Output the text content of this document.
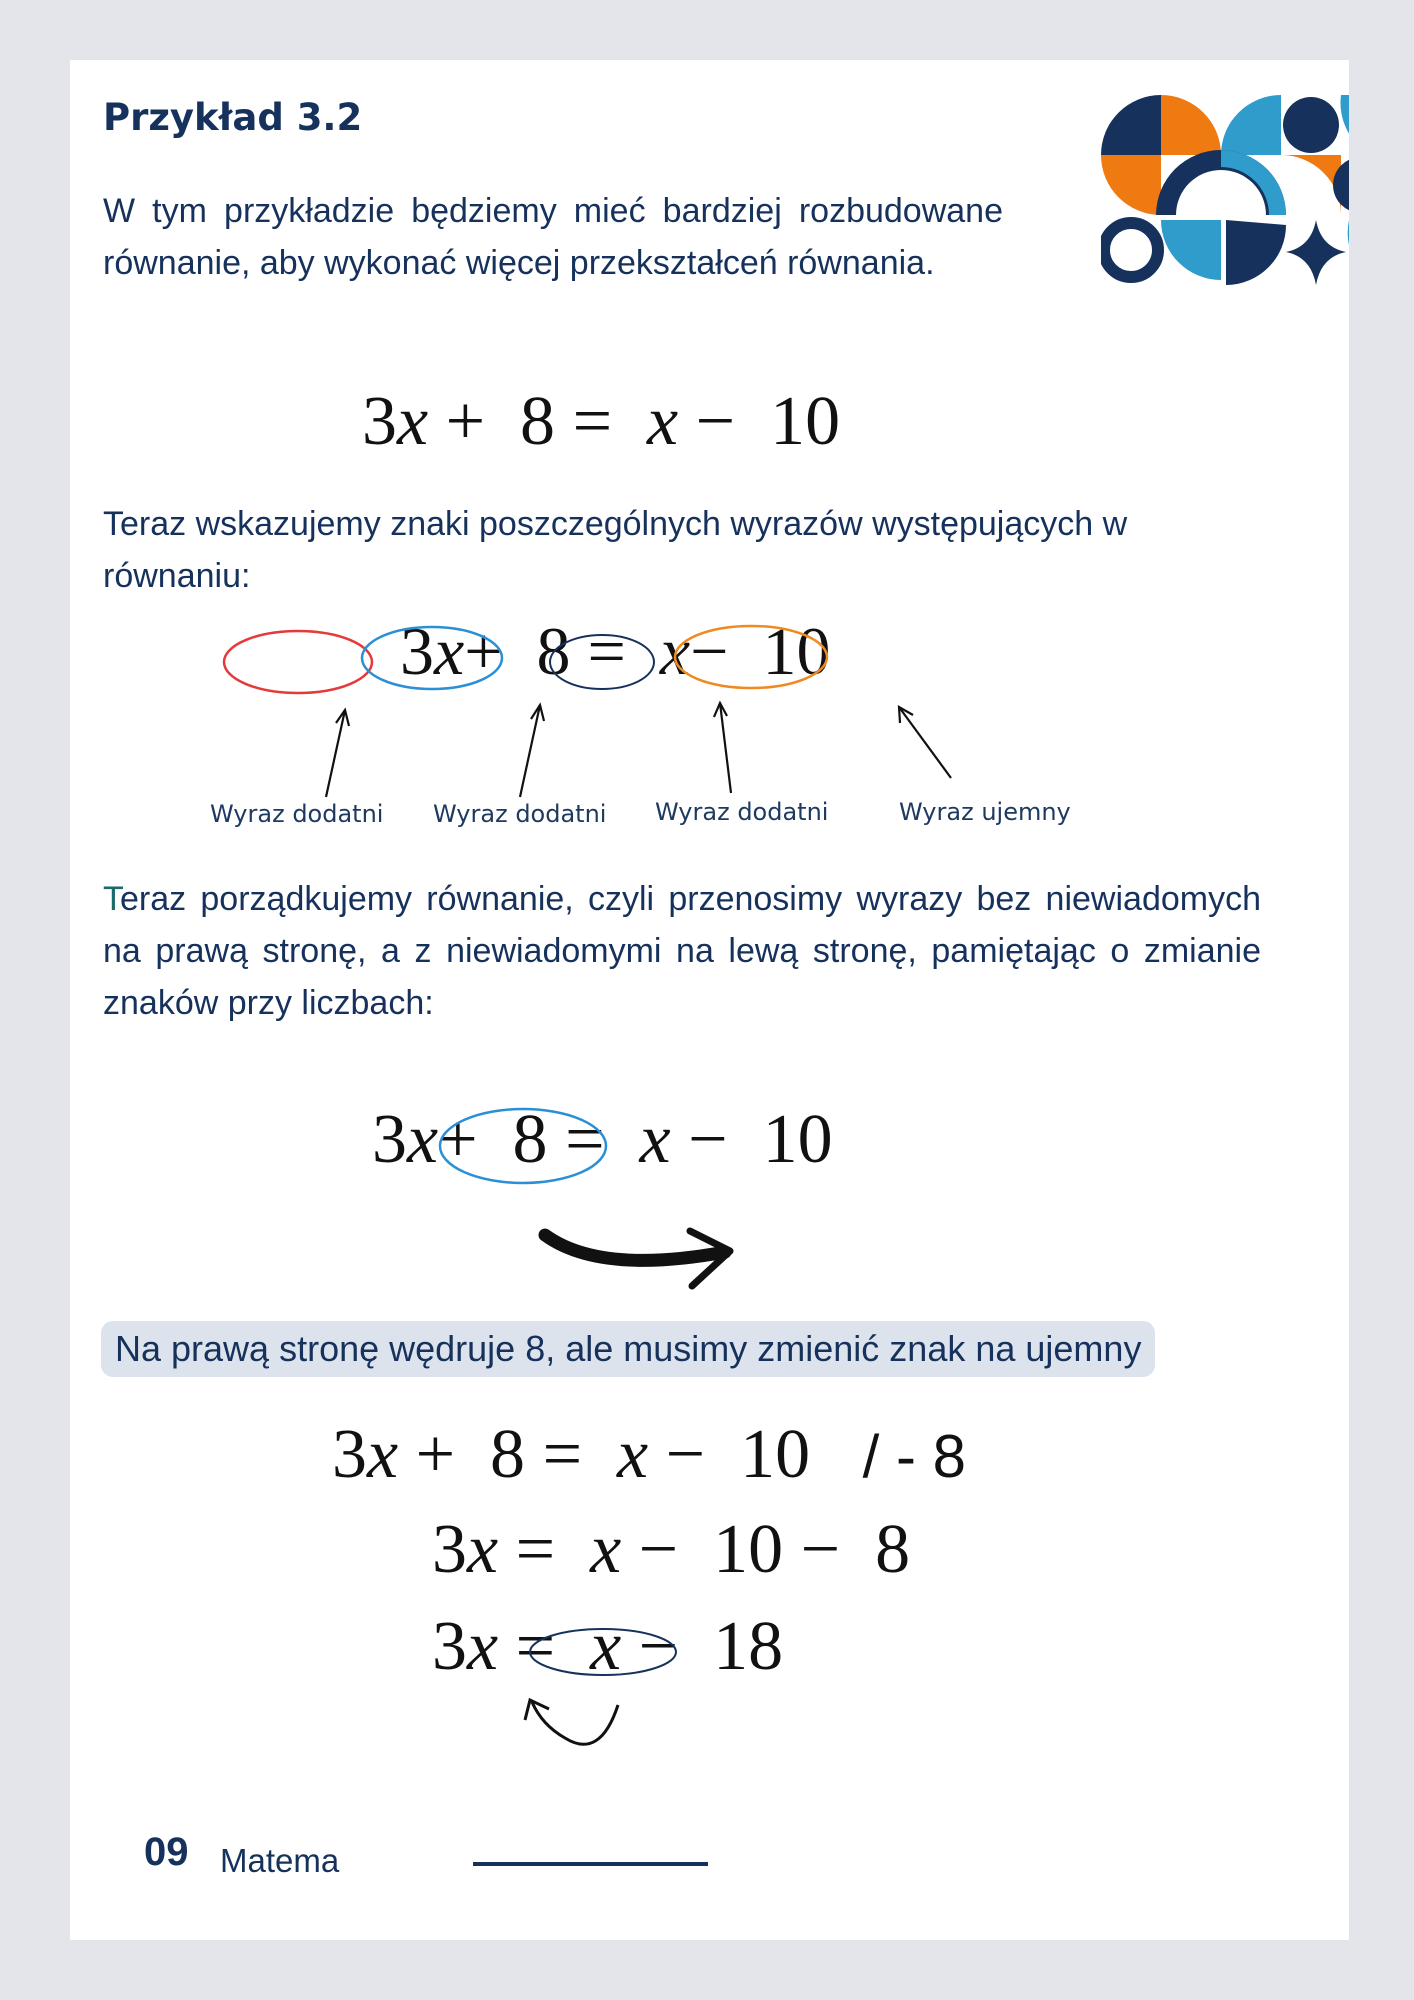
Przykład 3.2

W tym przykładzie będziemy mieć bardziej rozbudowane równanie, aby wykonać więcej przekształceń równania.

3x +  8 = x −  10

Teraz wskazujemy znaki poszczególnych wyrazów występujących w równaniu:

3x+  8 = x−  10
Wyraz dodatni Wyraz dodatni Wyraz dodatni	Wyraz ujemny

Teraz porządkujemy równanie, czyli przenosimy wyrazy bez niewiadomych na prawą stronę, a z niewiadomymi na lewą stronę, pamiętając o zmianie znaków przy liczbach:

3x+  8 = x −  10
Na prawą stronę wędruje 8, ale musimy zmienić znak na ujemny
3x +  8 = x −  10 / - 8
3x = x −  10 −  8
3x = x −  18
09 Matema
